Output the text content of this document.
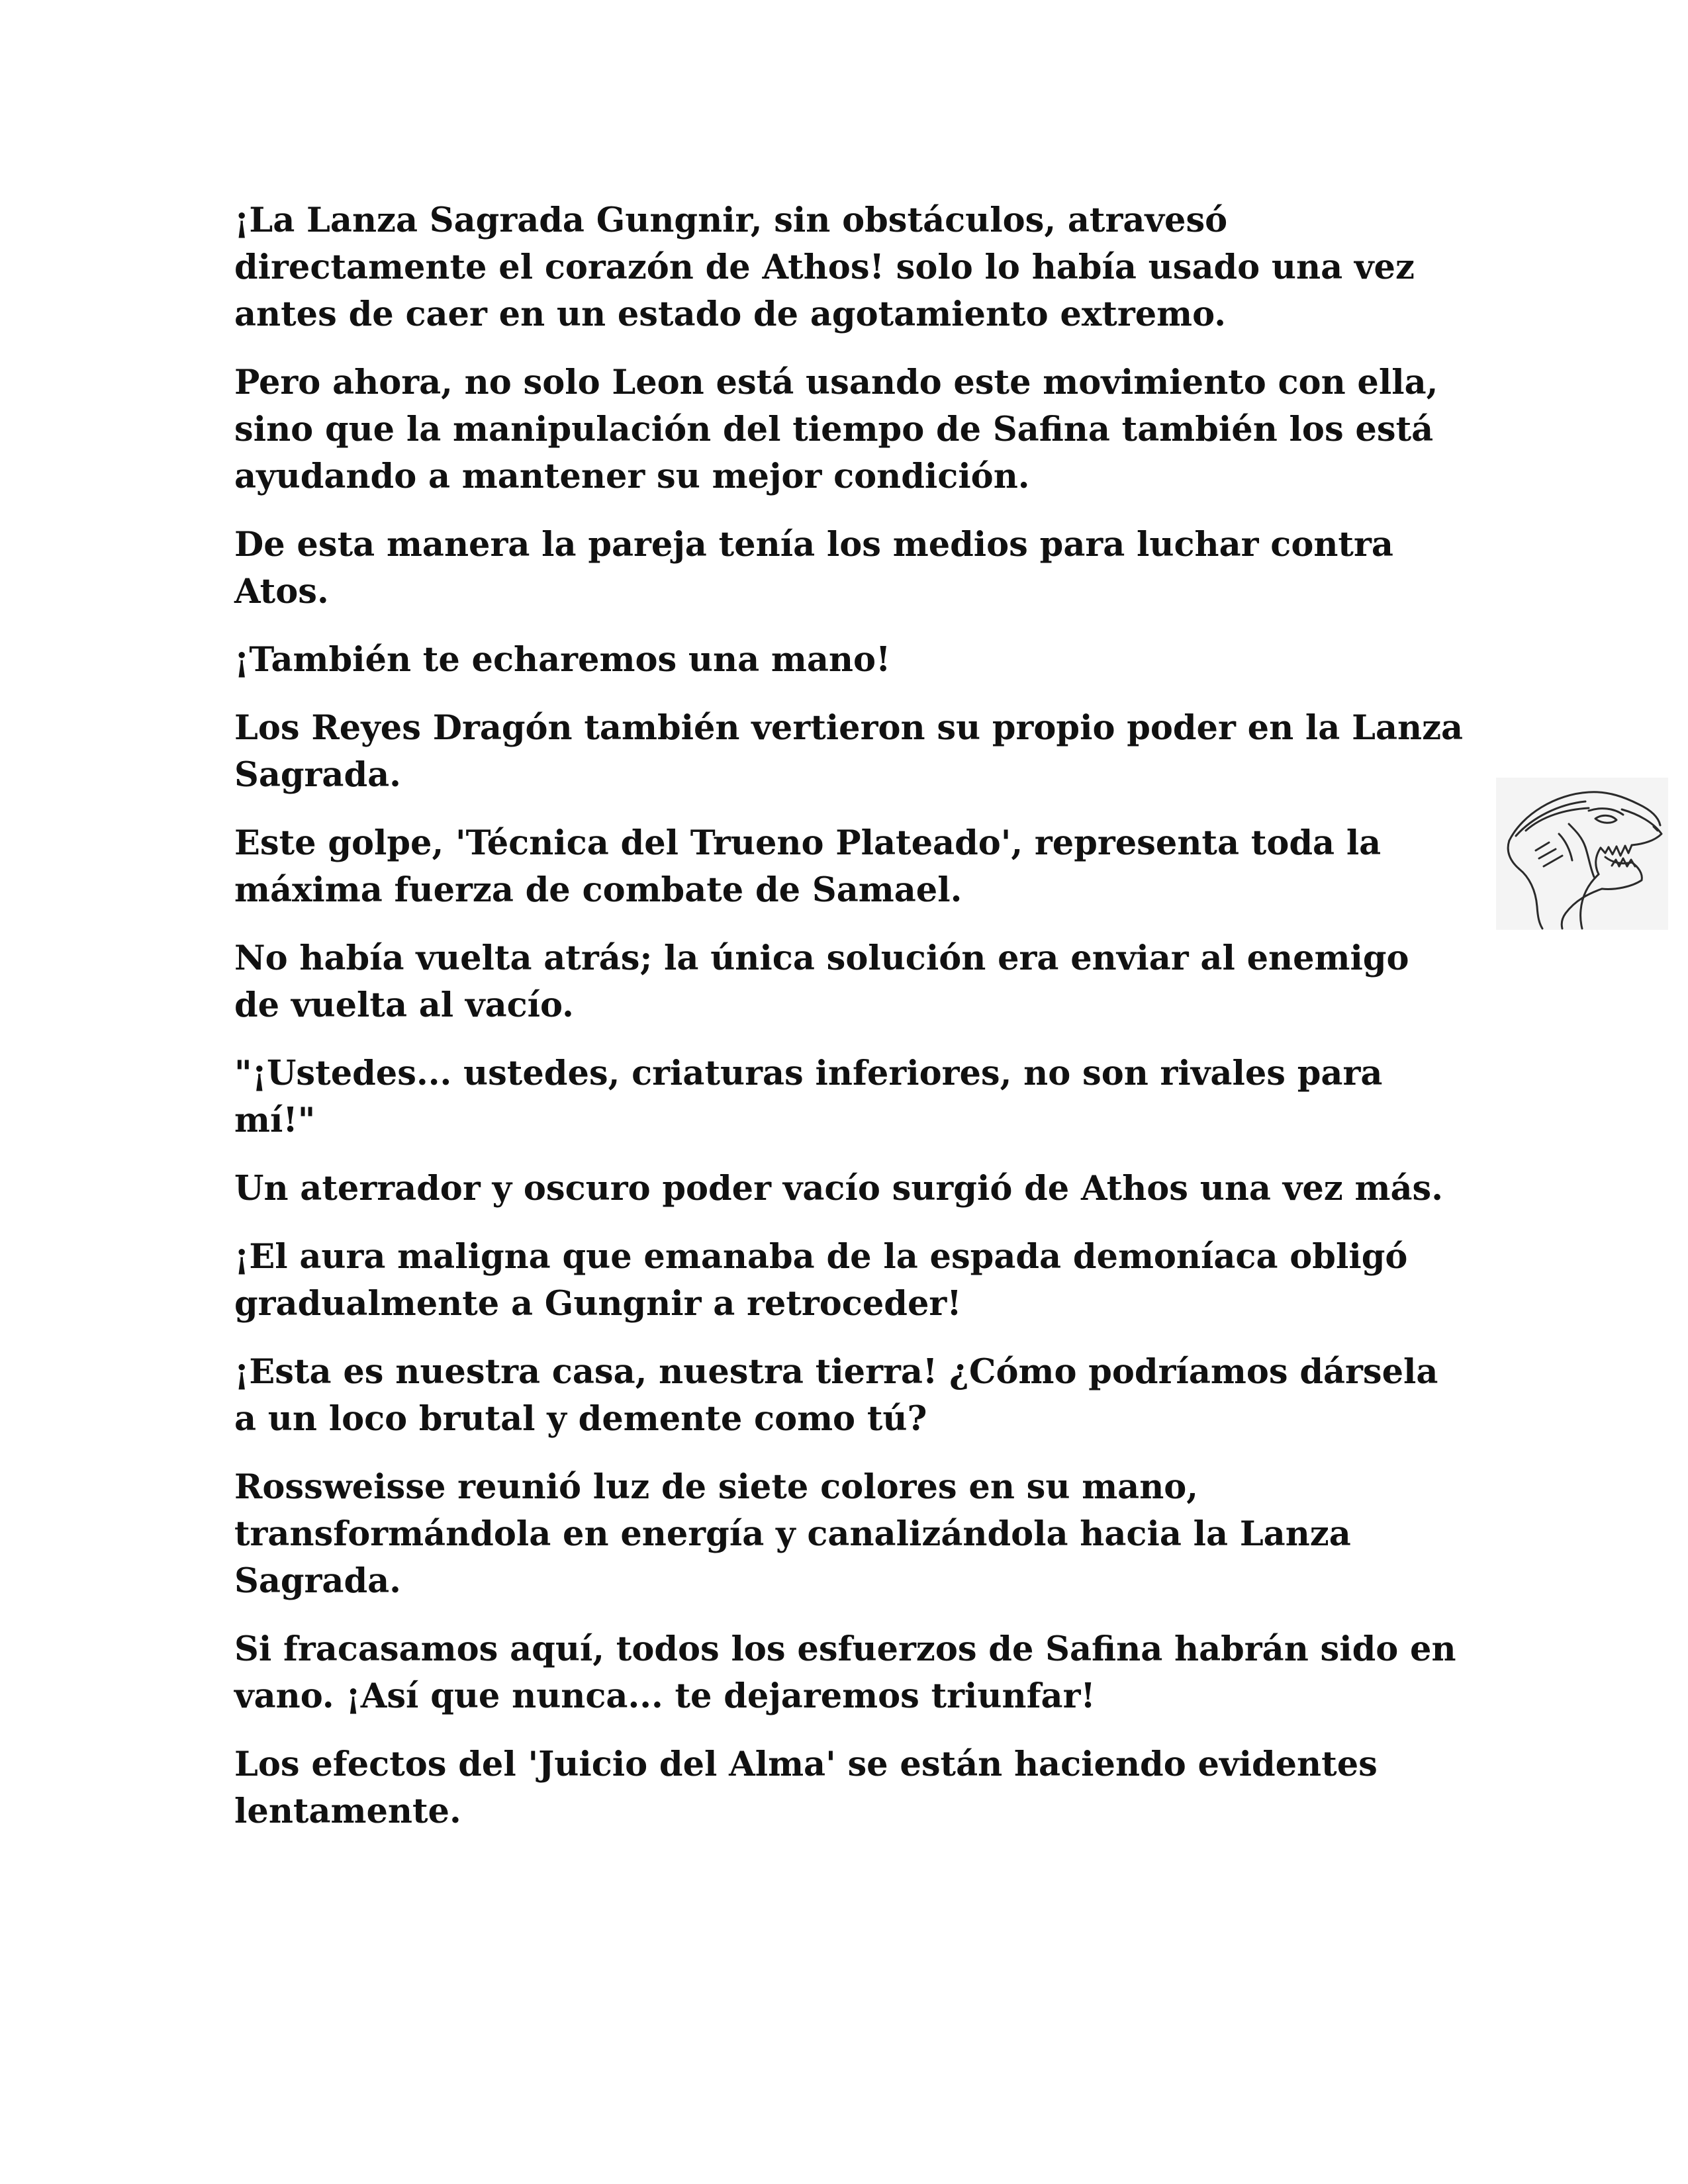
¡La Lanza Sagrada Gungnir, sin obstáculos, atravesó directamente el corazón de Athos! solo lo había usado una vez antes de caer en un estado de agotamiento extremo.

Pero ahora, no solo Leon está usando este movimiento con ella, sino que la manipulación del tiempo de Safina también los está ayudando a mantener su mejor condición.

De esta manera la pareja tenía los medios para luchar contra Atos.

¡También te echaremos una mano!

Los Reyes Dragón también vertieron su propio poder en la Lanza Sagrada.

Este golpe, 'Técnica del Trueno Plateado', representa toda la máxima fuerza de combate de Samael.

No había vuelta atrás; la única solución era enviar al enemigo de vuelta al vacío.

"¡Ustedes... ustedes, criaturas inferiores, no son rivales para mí!"

Un aterrador y oscuro poder vacío surgió de Athos una vez más.

¡El aura maligna que emanaba de la espada demoníaca obligó gradualmente a Gungnir a retroceder!

¡Esta es nuestra casa, nuestra tierra! ¿Cómo podríamos dársela a un loco brutal y demente como tú?

Rossweisse reunió luz de siete colores en su mano, transformándola en energía y canalizándola hacia la Lanza Sagrada.

Si fracasamos aquí, todos los esfuerzos de Safina habrán sido en vano. ¡Así que nunca... te dejaremos triunfar!

Los efectos del 'Juicio del Alma' se están haciendo evidentes lentamente.
